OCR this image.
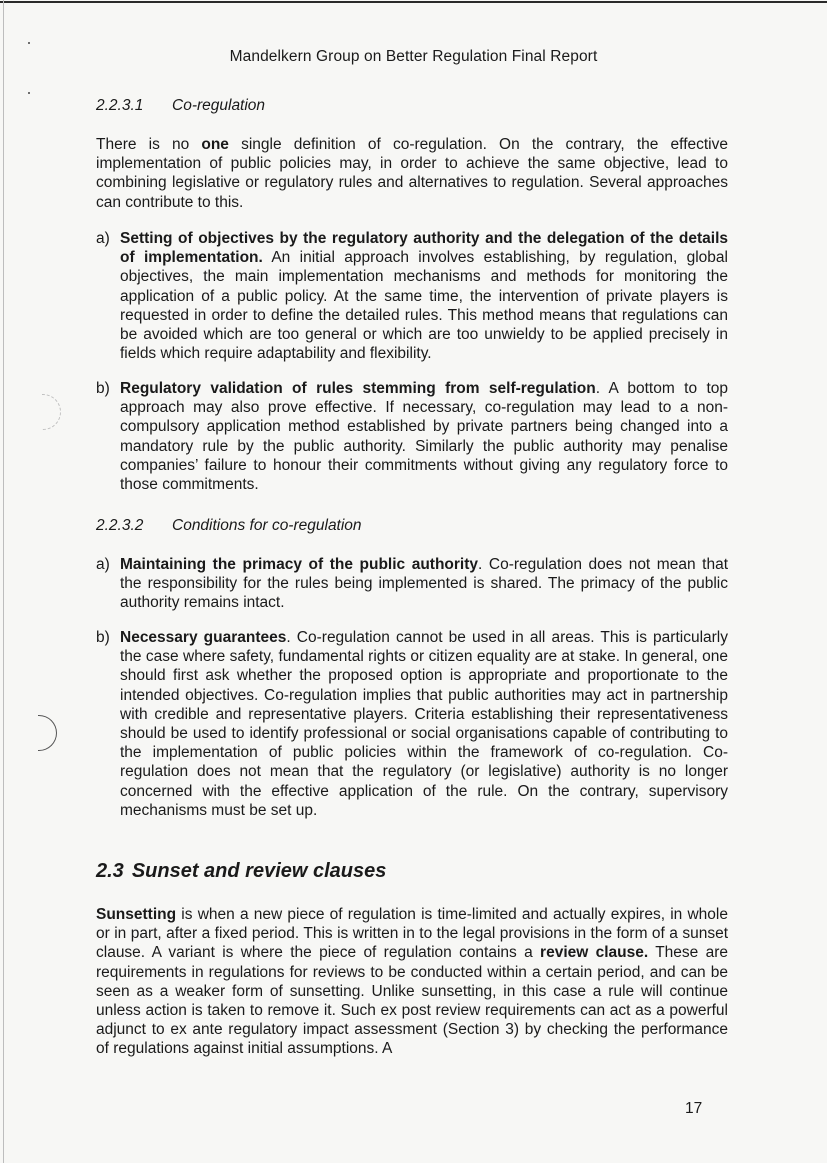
Mandelkern Group on Better Regulation Final Report
2.2.3.1 Co-regulation
There is no one single definition of co-regulation. On the contrary, the effective implementation of public policies may, in order to achieve the same objective, lead to combining legislative or regulatory rules and alternatives to regulation. Several approaches can contribute to this.
a) Setting of objectives by the regulatory authority and the delegation of the details of implementation. An initial approach involves establishing, by regulation, global objectives, the main implementation mechanisms and methods for monitoring the application of a public policy. At the same time, the intervention of private players is requested in order to define the detailed rules. This method means that regulations can be avoided which are too general or which are too unwieldy to be applied precisely in fields which require adaptability and flexibility.
b) Regulatory validation of rules stemming from self-regulation. A bottom to top approach may also prove effective. If necessary, co-regulation may lead to a non-compulsory application method established by private partners being changed into a mandatory rule by the public authority. Similarly the public authority may penalise companies’ failure to honour their commitments without giving any regulatory force to those commitments.
2.2.3.2 Conditions for co-regulation
a) Maintaining the primacy of the public authority. Co-regulation does not mean that the responsibility for the rules being implemented is shared. The primacy of the public authority remains intact.
b) Necessary guarantees. Co-regulation cannot be used in all areas. This is particularly the case where safety, fundamental rights or citizen equality are at stake. In general, one should first ask whether the proposed option is appropriate and proportionate to the intended objectives. Co-regulation implies that public authorities may act in partnership with credible and representative players. Criteria establishing their representativeness should be used to identify professional or social organisations capable of contributing to the implementation of public policies within the framework of co-regulation. Co-regulation does not mean that the regulatory (or legislative) authority is no longer concerned with the effective application of the rule. On the contrary, supervisory mechanisms must be set up.
2.3 Sunset and review clauses
Sunsetting is when a new piece of regulation is time-limited and actually expires, in whole or in part, after a fixed period. This is written in to the legal provisions in the form of a sunset clause. A variant is where the piece of regulation contains a review clause. These are requirements in regulations for reviews to be conducted within a certain period, and can be seen as a weaker form of sunsetting. Unlike sunsetting, in this case a rule will continue unless action is taken to remove it. Such ex post review requirements can act as a powerful adjunct to ex ante regulatory impact assessment (Section 3) by checking the performance of regulations against initial assumptions. A
17
